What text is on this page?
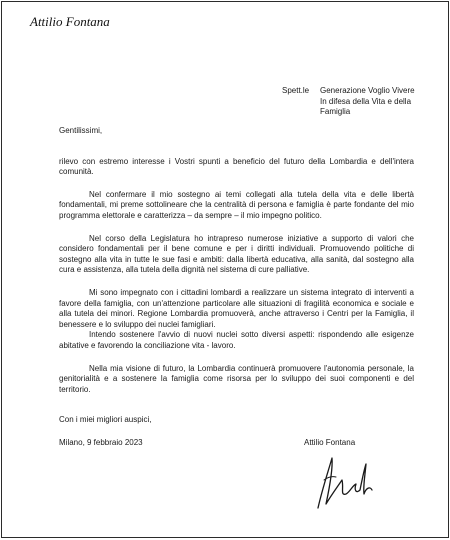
Attilio Fontana
Spett.le	Generazione Voglio Vivere
In difesa della Vita e della
Famiglia

Gentilissimi,

rilevo con estremo interesse i Vostri spunti a beneficio del futuro della Lombardia e dell'intera comunità.

Nel confermare il mio sostegno ai temi collegati alla tutela della vita e delle libertà fondamentali, mi preme sottolineare che la centralità di persona e famiglia è parte fondante del mio programma elettorale e caratterizza – da sempre – il mio impegno politico.

Nel corso della Legislatura ho intrapreso numerose iniziative a supporto di valori che considero fondamentali per il bene comune e per i diritti individuali. Promuovendo politiche di sostegno alla vita in tutte le sue fasi e ambiti: dalla libertà educativa, alla sanità, dal sostegno alla cura e assistenza, alla tutela della dignità nel sistema di cure palliative.

Mi sono impegnato con i cittadini lombardi a realizzare un sistema integrato di interventi a favore della famiglia, con un'attenzione particolare alle situazioni di fragilità economica e sociale e alla tutela dei minori. Regione Lombardia promuoverà, anche attraverso i Centri per la Famiglia, il benessere e lo sviluppo dei nuclei famigliari.

Intendo sostenere l'avvio di nuovi nuclei sotto diversi aspetti: rispondendo alle esigenze abitative e favorendo la conciliazione vita - lavoro.

Nella mia visione di futuro, la Lombardia continuerà promuovere l'autonomia personale, la genitorialità e a sostenere la famiglia come risorsa per lo sviluppo dei suoi componenti e del territorio.

Con i miei migliori auspici,

Milano, 9 febbraio 2023	Attilio Fontana
